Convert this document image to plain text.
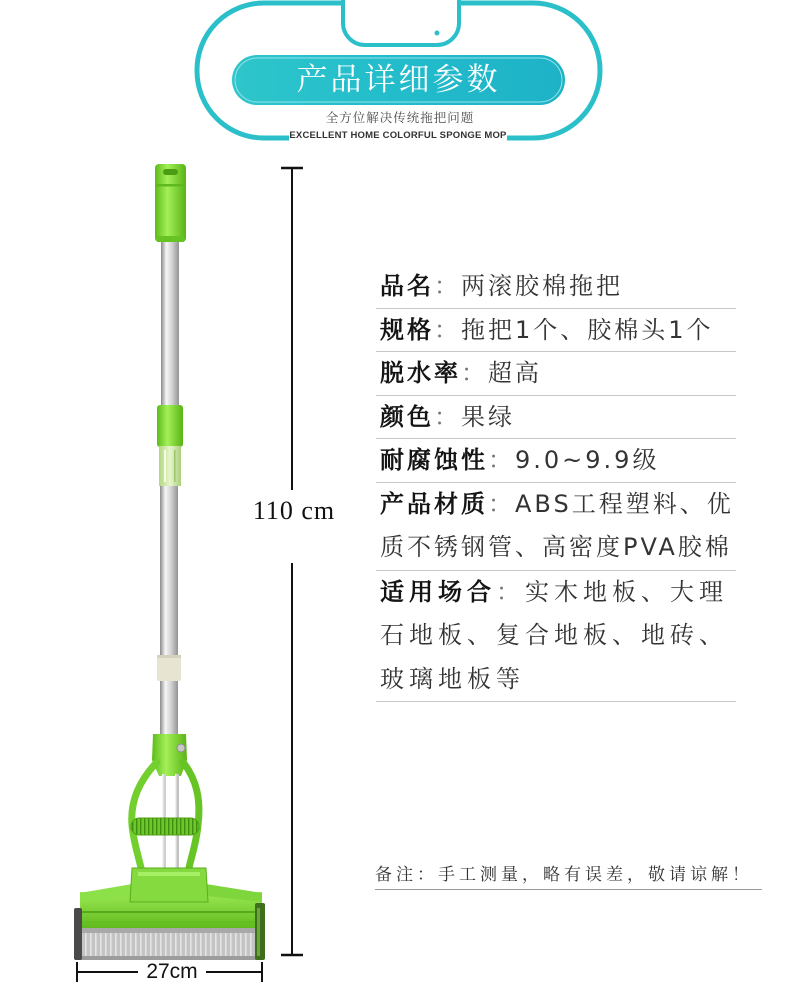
产品详细参数
全方位解决传统拖把问题
EXCELLENT HOME COLORFUL SPONGE MOP
110 cm
27cm
品名：两滚胶棉拖把
规格：拖把1个、胶棉头1个
脱水率：超高
颜色：果绿
耐腐蚀性：9.0~9.9级
产品材质：ABS工程塑料、优
质不锈钢管、高密度PVA胶棉
适用场合：实木地板、大理
石地板、复合地板、地砖、
玻璃地板等
备注：手工测量，略有误差，敬请谅解！
